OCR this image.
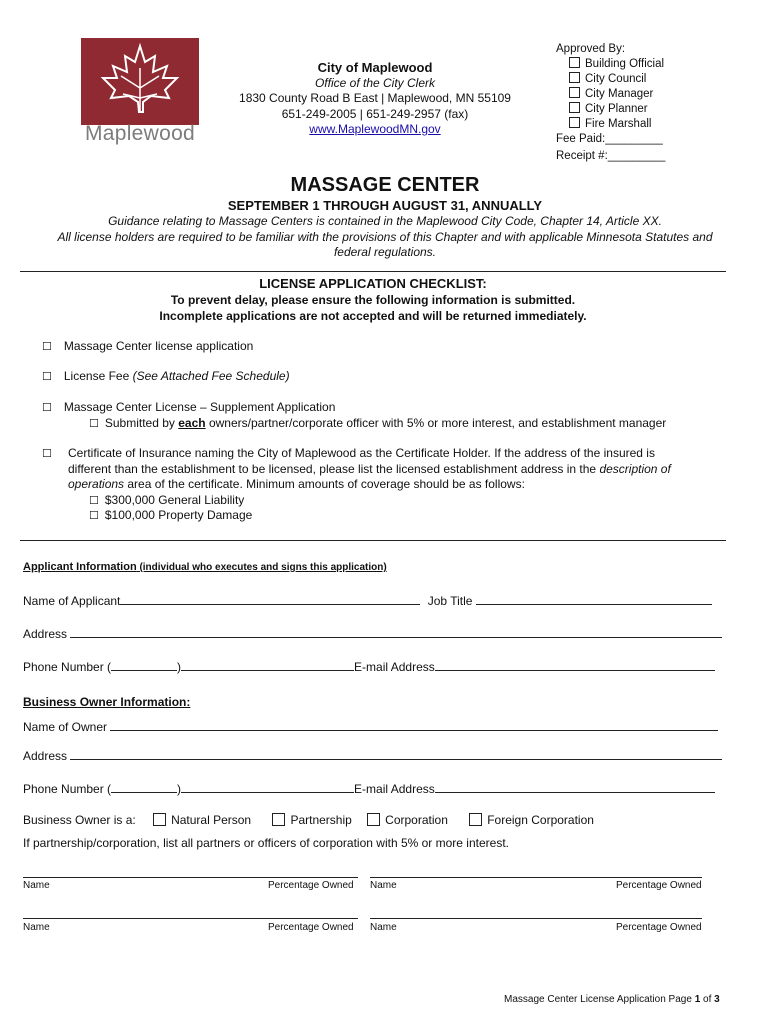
Maplewood
City of Maplewood
Office of the City Clerk
1830 County Road B East | Maplewood, MN 55109
651-249-2005 | 651-249-2957 (fax)
www.MaplewoodMN.gov
Approved By:
Building Official
City Council
City Manager
City Planner
Fire Marshall
Fee Paid:_________
Receipt #:_________
MASSAGE CENTER
SEPTEMBER 1 THROUGH AUGUST 31, ANNUALLY
Guidance relating to Massage Centers is contained in the Maplewood City Code, Chapter 14, Article XX.
All license holders are required to be familiar with the provisions of this Chapter and with applicable Minnesota Statutes and
federal regulations.
LICENSE APPLICATION CHECKLIST:
To prevent delay, please ensure the following information is submitted.
Incomplete applications are not accepted and will be returned immediately.
☐ Massage Center license application
☐ License Fee (See Attached Fee Schedule)
☐ Massage Center License – Supplement Application
☐ Submitted by each owners/partner/corporate officer with 5% or more interest, and establishment manager
☐ Certificate of Insurance naming the City of Maplewood as the Certificate Holder. If the address of the insured is
different than the establishment to be licensed, please list the licensed establishment address in the description of
operations area of the certificate. Minimum amounts of coverage should be as follows:
☐ $300,000 General Liability
☐ $100,000 Property Damage
Applicant Information (individual who executes and signs this application)
Name of Applicant	Job Title
Address
Phone Number (	)	E-mail Address
Business Owner Information:
Name of Owner
Address
Phone Number (	)	E-mail Address
Business Owner is a:	Natural Person	Partnership	Corporation	Foreign Corporation
If partnership/corporation, list all partners or officers of corporation with 5% or more interest.
Name	Percentage Owned Name	Percentage Owned
Name	Percentage Owned Name	Percentage Owned
Massage Center License Application Page 1 of 3
